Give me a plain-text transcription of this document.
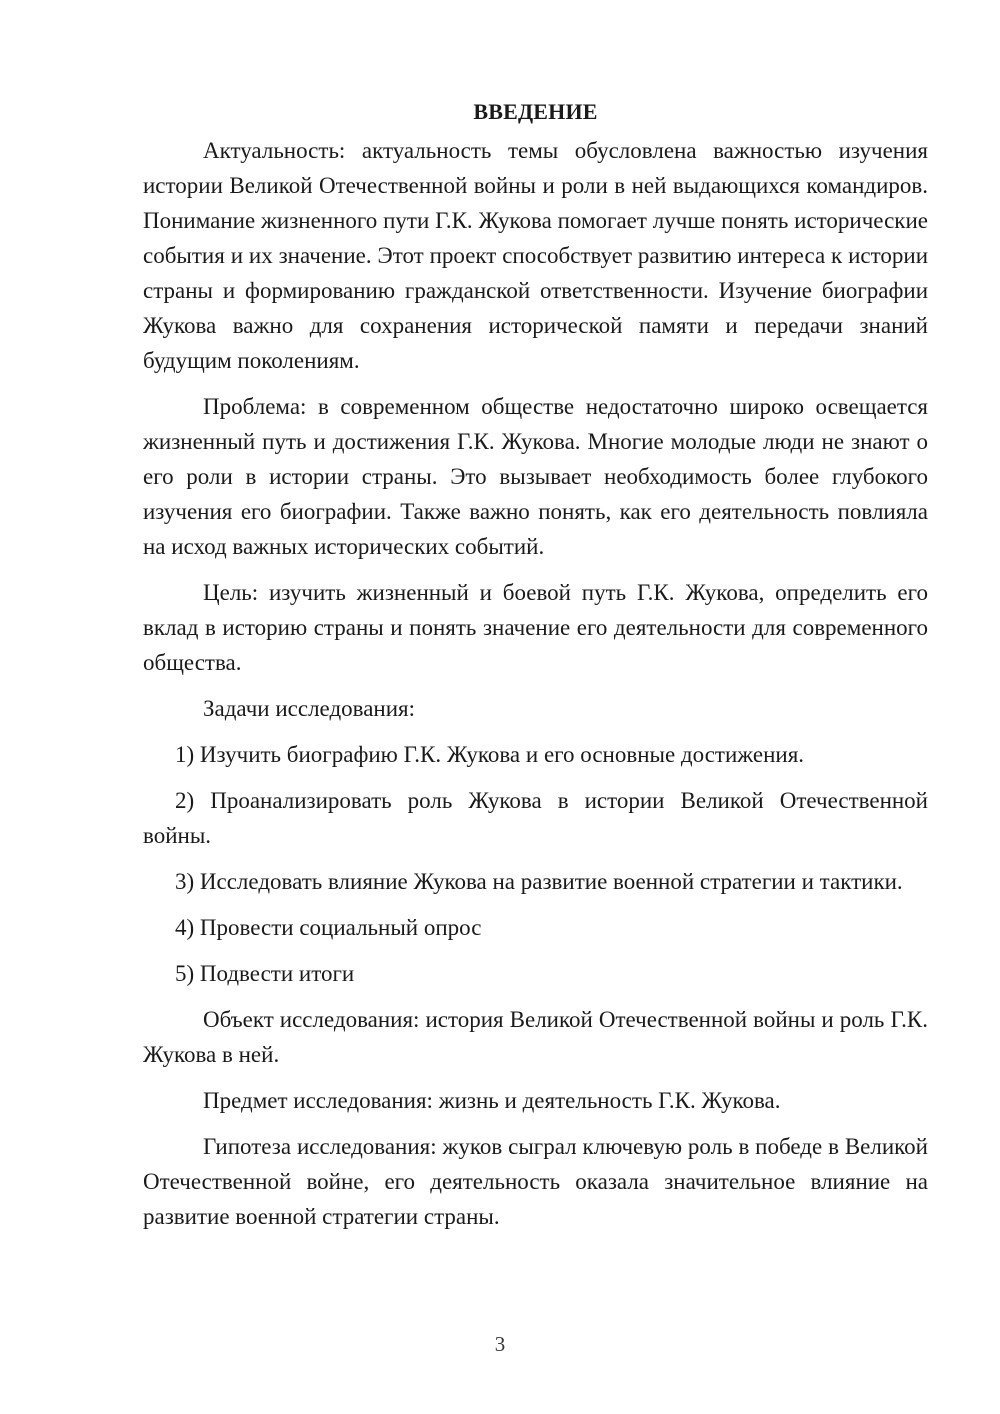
ВВЕДЕНИЕ

Актуальность: актуальность темы обусловлена важностью изучения истории Великой Отечественной войны и роли в ней выдающихся командиров. Понимание жизненного пути Г.К. Жукова помогает лучше понять исторические события и их значение. Этот проект способствует развитию интереса к истории страны и формированию гражданской ответственности. Изучение биографии Жукова важно для сохранения исторической памяти и передачи знаний будущим поколениям.

Проблема: в современном обществе недостаточно широко освещается жизненный путь и достижения Г.К. Жукова. Многие молодые люди не знают о его роли в истории страны. Это вызывает необходимость более глубокого изучения его биографии. Также важно понять, как его деятельность повлияла на исход важных исторических событий.

Цель: изучить жизненный и боевой путь Г.К. Жукова, определить его вклад в историю страны и понять значение его деятельности для современного общества.

Задачи исследования:

1) Изучить биографию Г.К. Жукова и его основные достижения.
2) Проанализировать роль Жукова в истории Великой Отечественной войны.
3) Исследовать влияние Жукова на развитие военной стратегии и тактики.
4) Провести социальный опрос
5) Подвести итоги

Объект исследования: история Великой Отечественной войны и роль Г.К. Жукова в ней.

Предмет исследования: жизнь и деятельность Г.К. Жукова.

Гипотеза исследования: жуков сыграл ключевую роль в победе в Великой Отечественной войне, его деятельность оказала значительное влияние на развитие военной стратегии страны.

3
